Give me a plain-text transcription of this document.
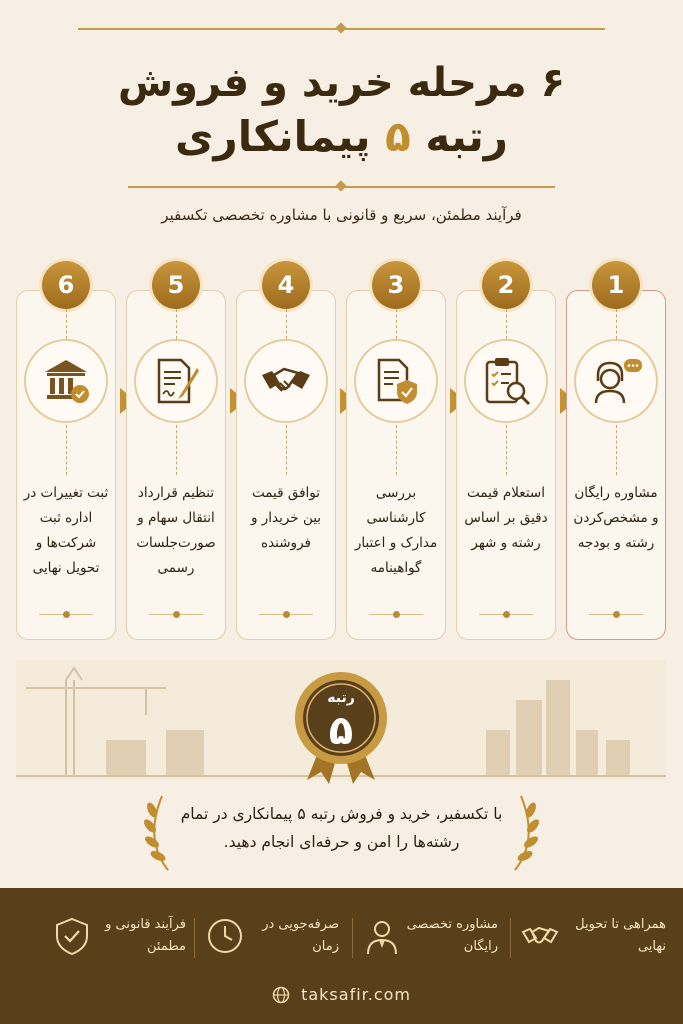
۶ مرحله خرید و فروش
رتبه ۵ پیمانکاری
فرآیند مطمئن، سریع و قانونی با مشاوره تخصصی تکسفیر
6
ثبت تغییرات در اداره ثبت شرکت‌ها و تحویل نهایی
5
تنظیم قرارداد انتقال سهام و صورت‌جلسات رسمی
4
توافق قیمت بین خریدار و فروشنده
3
بررسی کارشناسی مدارک و اعتبار گواهینامه
2
استعلام قیمت دقیق بر اساس رشته و شهر
1
مشاوره رایگان و مشخص‌کردن رشته و بودجه
رتبه
۵
با تکسفیر، خرید و فروش رتبه ۵ پیمانکاری در تمام رشته‌ها را امن و حرفه‌ای انجام دهید.
همراهی تا تحویل نهایی
مشاوره تخصصی رایگان
صرفه‌جویی در زمان
فرآیند قانونی و مطمئن
taksafir.com
